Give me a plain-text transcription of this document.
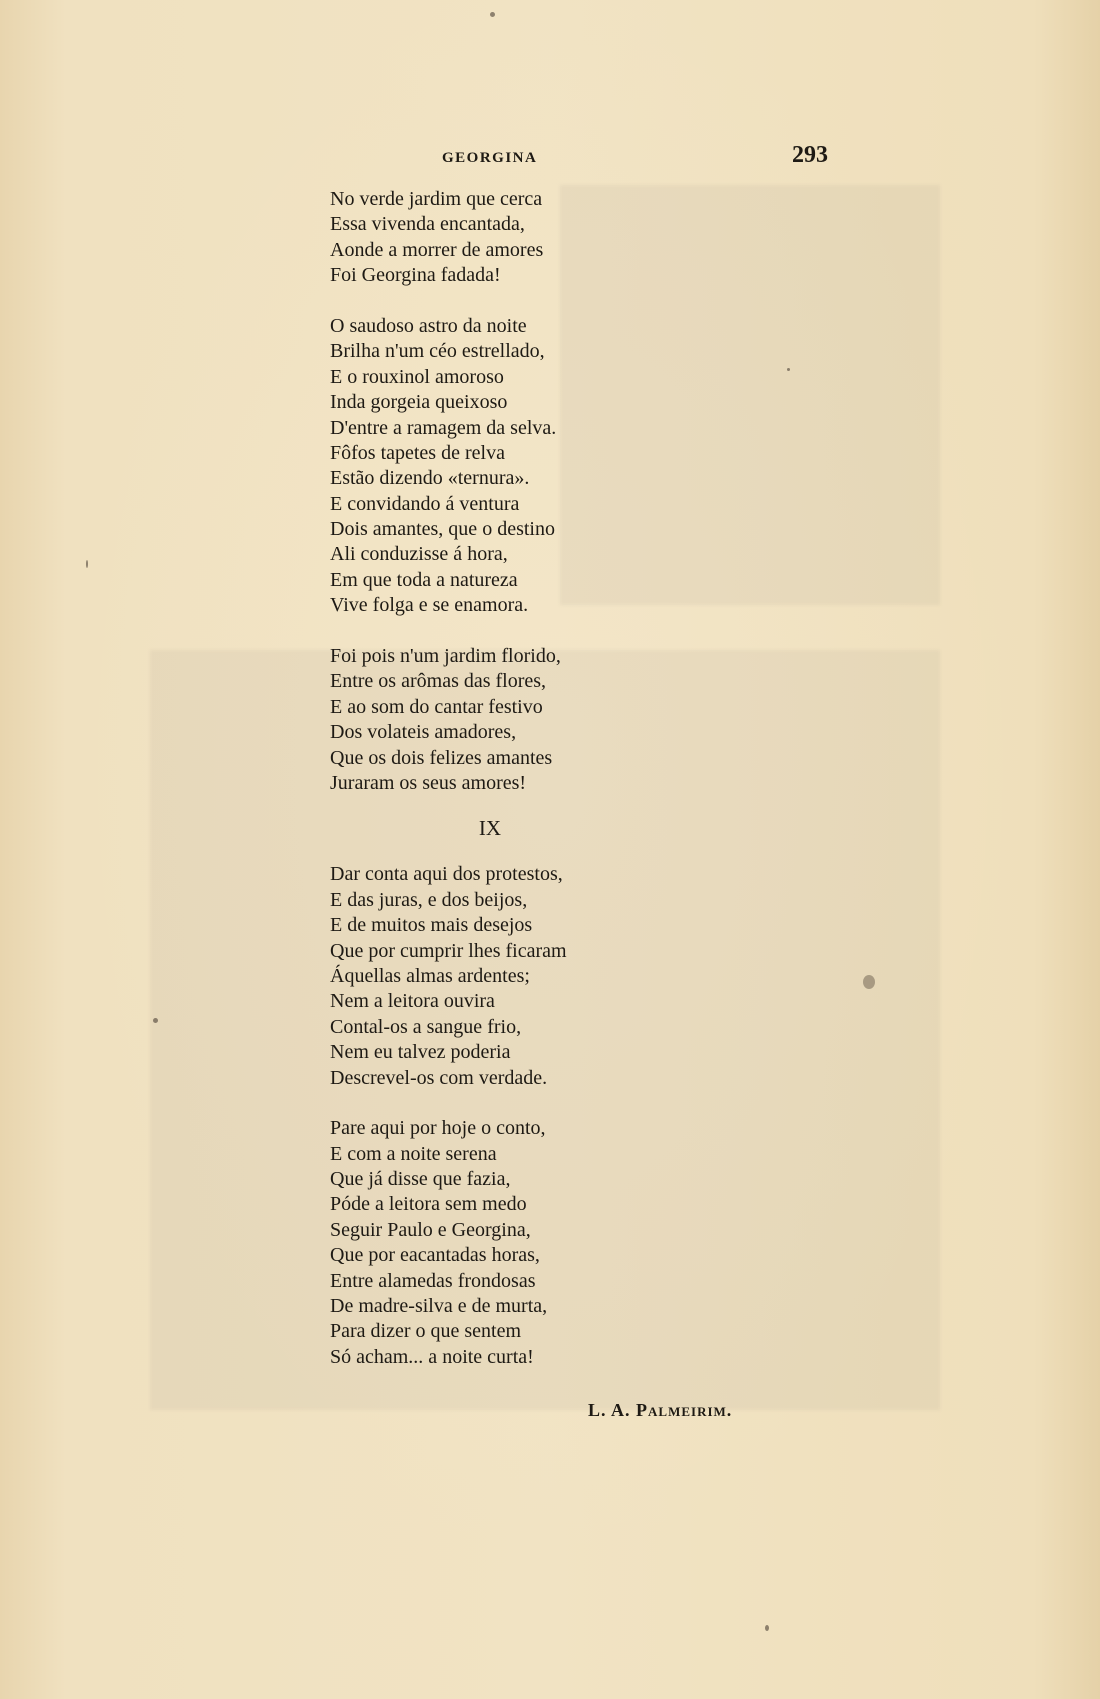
GEORGINA	293
No verde jardim que cerca
Essa vivenda encantada,
Aonde a morrer de amores
Foi Georgina fadada!
O saudoso astro da noite
Brilha n'um céo estrellado,
E o rouxinol amoroso
Inda gorgeia queixoso
D'entre a ramagem da selva.
Fôfos tapetes de relva
Estão dizendo «ternura».
E convidando á ventura
Dois amantes, que o destino
Ali conduzisse á hora,
Em que toda a natureza
Vive folga e se enamora.
Foi pois n'um jardim florido,
Entre os arômas das flores,
E ao som do cantar festivo
Dos volateis amadores,
Que os dois felizes amantes
Juraram os seus amores!
IX
Dar conta aqui dos protestos,
E das juras, e dos beijos,
E de muitos mais desejos
Que por cumprir lhes ficaram
Áquellas almas ardentes;
Nem a leitora ouvira
Contal-os a sangue frio,
Nem eu talvez poderia
Descrevel-os com verdade.
Pare aqui por hoje o conto,
E com a noite serena
Que já disse que fazia,
Póde a leitora sem medo
Seguir Paulo e Georgina,
Que por eacantadas horas,
Entre alamedas frondosas
De madre-silva e de murta,
Para dizer o que sentem
Só acham... a noite curta!
L. A. Palmeirim.
